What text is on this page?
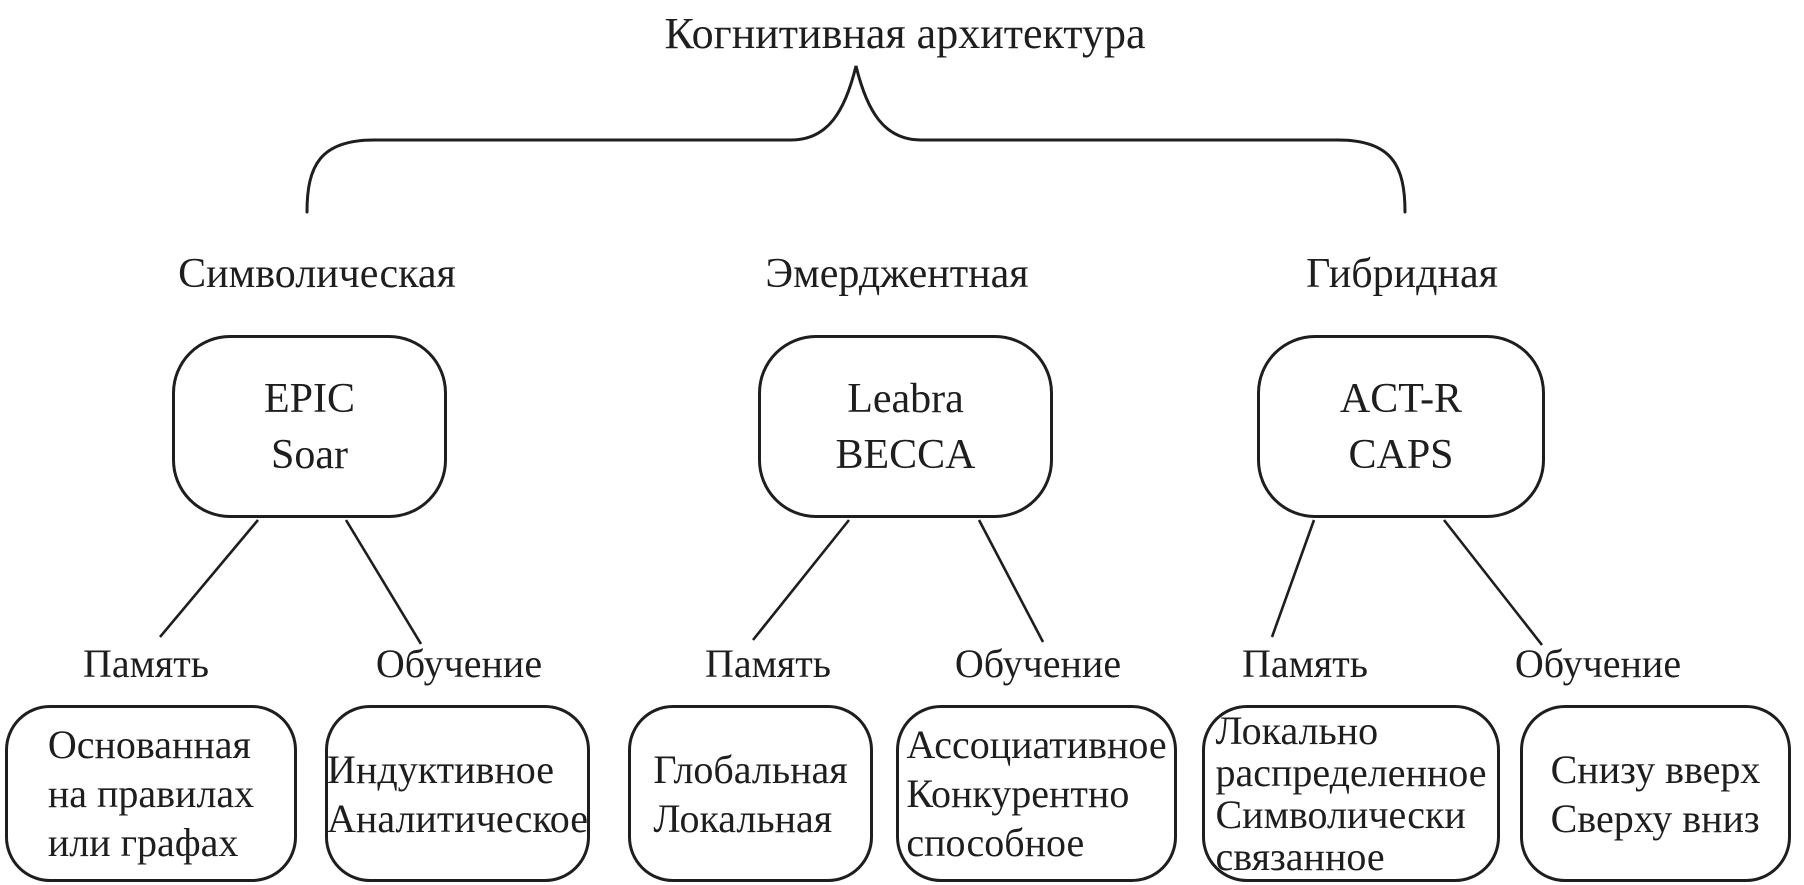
Когнитивная архитектура
Символическая	Эмерджентная	Гибридная
EPIC
Soar
Leabra
BECCA
ACT-R
CAPS
Память	Обучение	Память	Обучение	Память	Обучение
Основанная
на правилах
или графах
Индуктивное
Аналитическое
Глобальная
Локальная
Ассоциативное
Конкурентно
способное
Локально
распределенное
Символически
связанное
Снизу вверх
Сверху вниз
